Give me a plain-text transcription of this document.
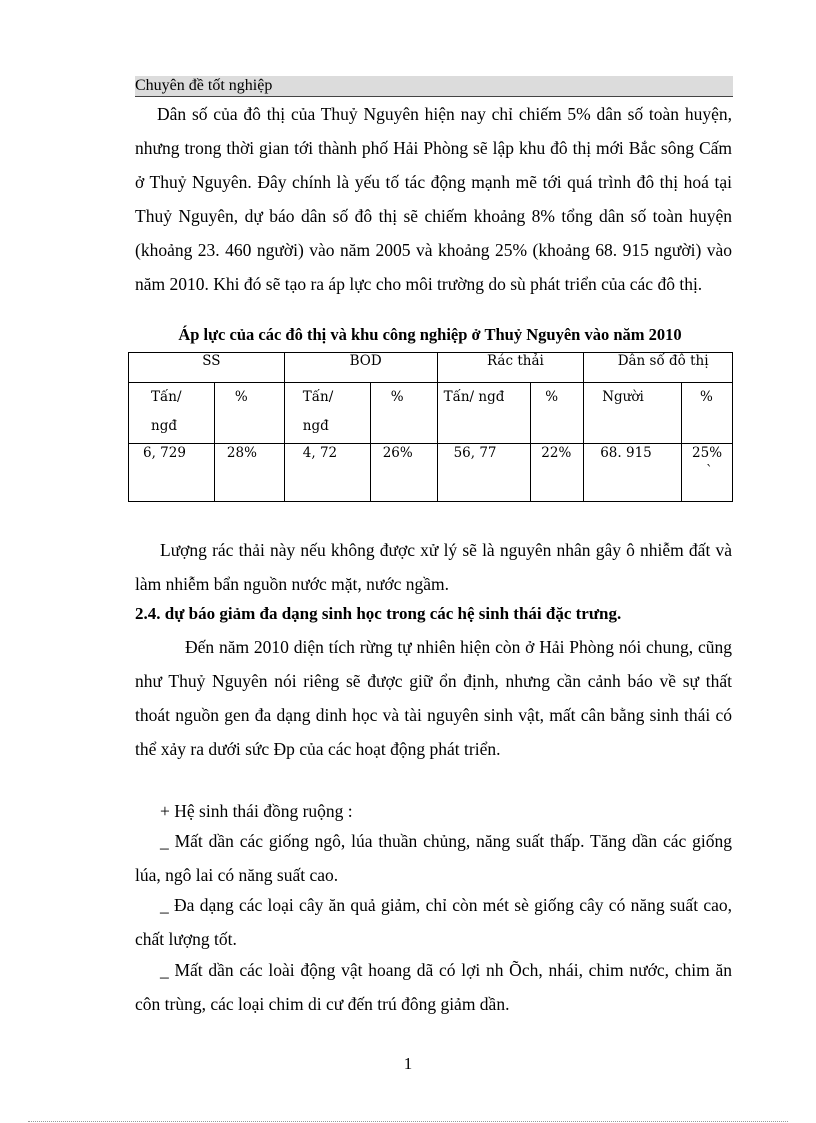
Chuyên đề tốt nghiệp
Dân số của đô thị của Thuỷ Nguyên hiện nay chỉ chiếm 5% dân số toàn huyện, nhưng trong thời gian tới thành phố Hải Phòng sẽ lập khu đô thị mới Bắc sông Cấm ở Thuỷ Nguyên. Đây chính là yếu tố tác động mạnh mẽ tới quá trình đô thị hoá tại Thuỷ Nguyên, dự báo dân số đô thị sẽ chiếm khoảng 8% tổng dân số toàn huyện (khoảng 23. 460 người) vào năm 2005 và khoảng 25% (khoảng 68. 915 người) vào năm 2010. Khi đó sẽ tạo ra áp lực cho môi trường do sù phát triển của các đô thị.
Áp lực của các đô thị và khu công nghiệp ở Thuỷ Nguyên vào năm 2010
SS		BOD		Rác thải		Dân số đô thị	
Tấn/ ngđ	%	Tấn/ ngđ	%	Tấn/ ngđ	%	Người	%
6, 729	28%	4, 72	26%	56, 77	22%	68. 915	25%
`
Lượng rác thải này nếu không được xử lý sẽ là nguyên nhân gây ô nhiễm đất và làm nhiễm bẩn nguồn nước mặt, nước ngầm.
2.4. dự báo giảm đa dạng sinh học trong các hệ sinh thái đặc trưng.
Đến năm 2010 diện tích rừng tự nhiên hiện còn ở Hải Phòng nói chung, cũng như Thuỷ Nguyên nói riêng sẽ được giữ ổn định, nhưng cần cảnh báo về sự thất thoát nguồn gen đa dạng dinh học và tài nguyên sinh vật, mất cân bằng sinh thái có thể xảy ra dưới sức Ðp của các hoạt động phát triển.
+ Hệ sinh thái đồng ruộng :
_ Mất dần các giống ngô, lúa thuần chủng, năng suất thấp. Tăng dần các giống lúa, ngô lai có năng suất cao.
_ Đa dạng các loại cây ăn quả giảm, chỉ còn mét sè giống cây có năng suất cao, chất lượng tốt.
_ Mất dần các loài động vật hoang dã có lợi nh Õch, nhái, chim nước, chim ăn côn trùng, các loại chim di cư đến trú đông giảm dần.
1
